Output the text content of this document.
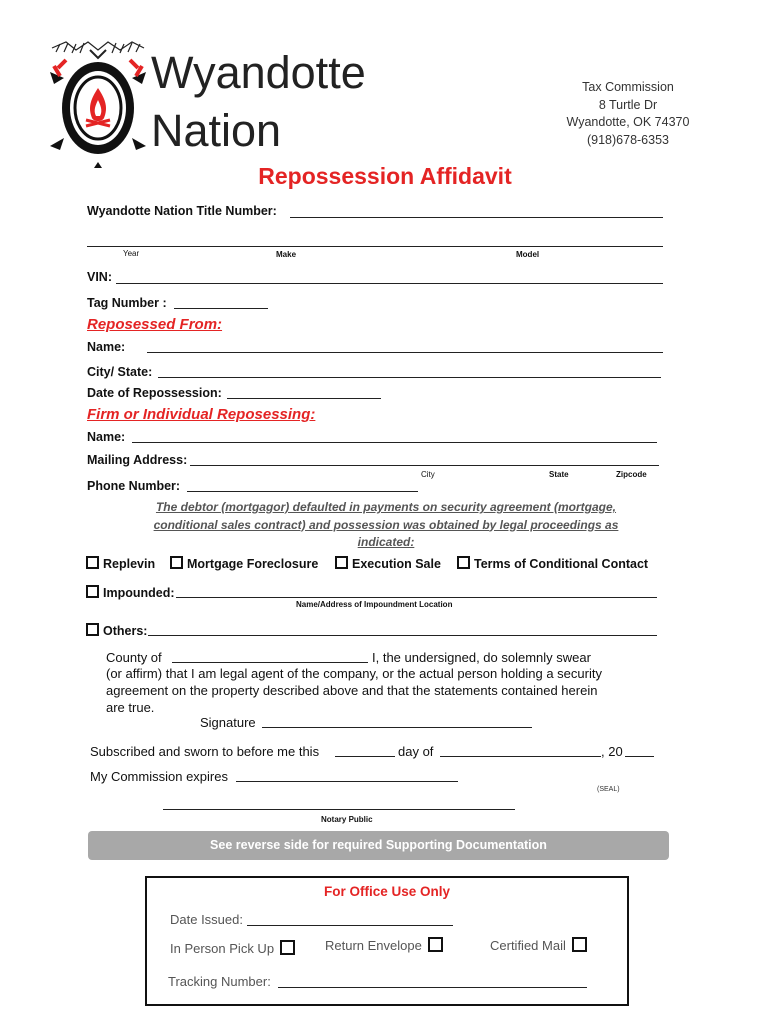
Wyandotte
Nation
Tax Commission
8 Turtle Dr
Wyandotte, OK 74370
(918)678-6353
Repossession Affidavit
Wyandotte Nation Title Number:
Year	Make	Model
VIN:
Tag Number :
Reposessed From:
Name:
City/ State:
Date of Repossession:
Firm or Individual Reposessing:
Name:
Mailing Address:
City	State	Zipcode
Phone Number:
The debtor (mortgagor) defaulted in payments on security agreement (mortgage,
conditional sales contract) and possession was obtained by legal proceedings as
indicated:
Replevin	Mortgage Foreclosure	Execution Sale	Terms of Conditional Contact
Impounded:
Name/Address of Impoundment Location
Others:
County of	I, the undersigned, do solemnly swear
(or affirm) that I am legal agent of the company, or the actual person holding a security
agreement on the property described above and that the statements contained herein
are true.
Signature
Subscribed and sworn to before me this	day of	, 20
My Commission expires
(SEAL)
Notary Public
See reverse side for required Supporting Documentation
For Office Use Only
Date Issued:
In Person Pick Up	Return Envelope	Certified Mail
Tracking Number:
